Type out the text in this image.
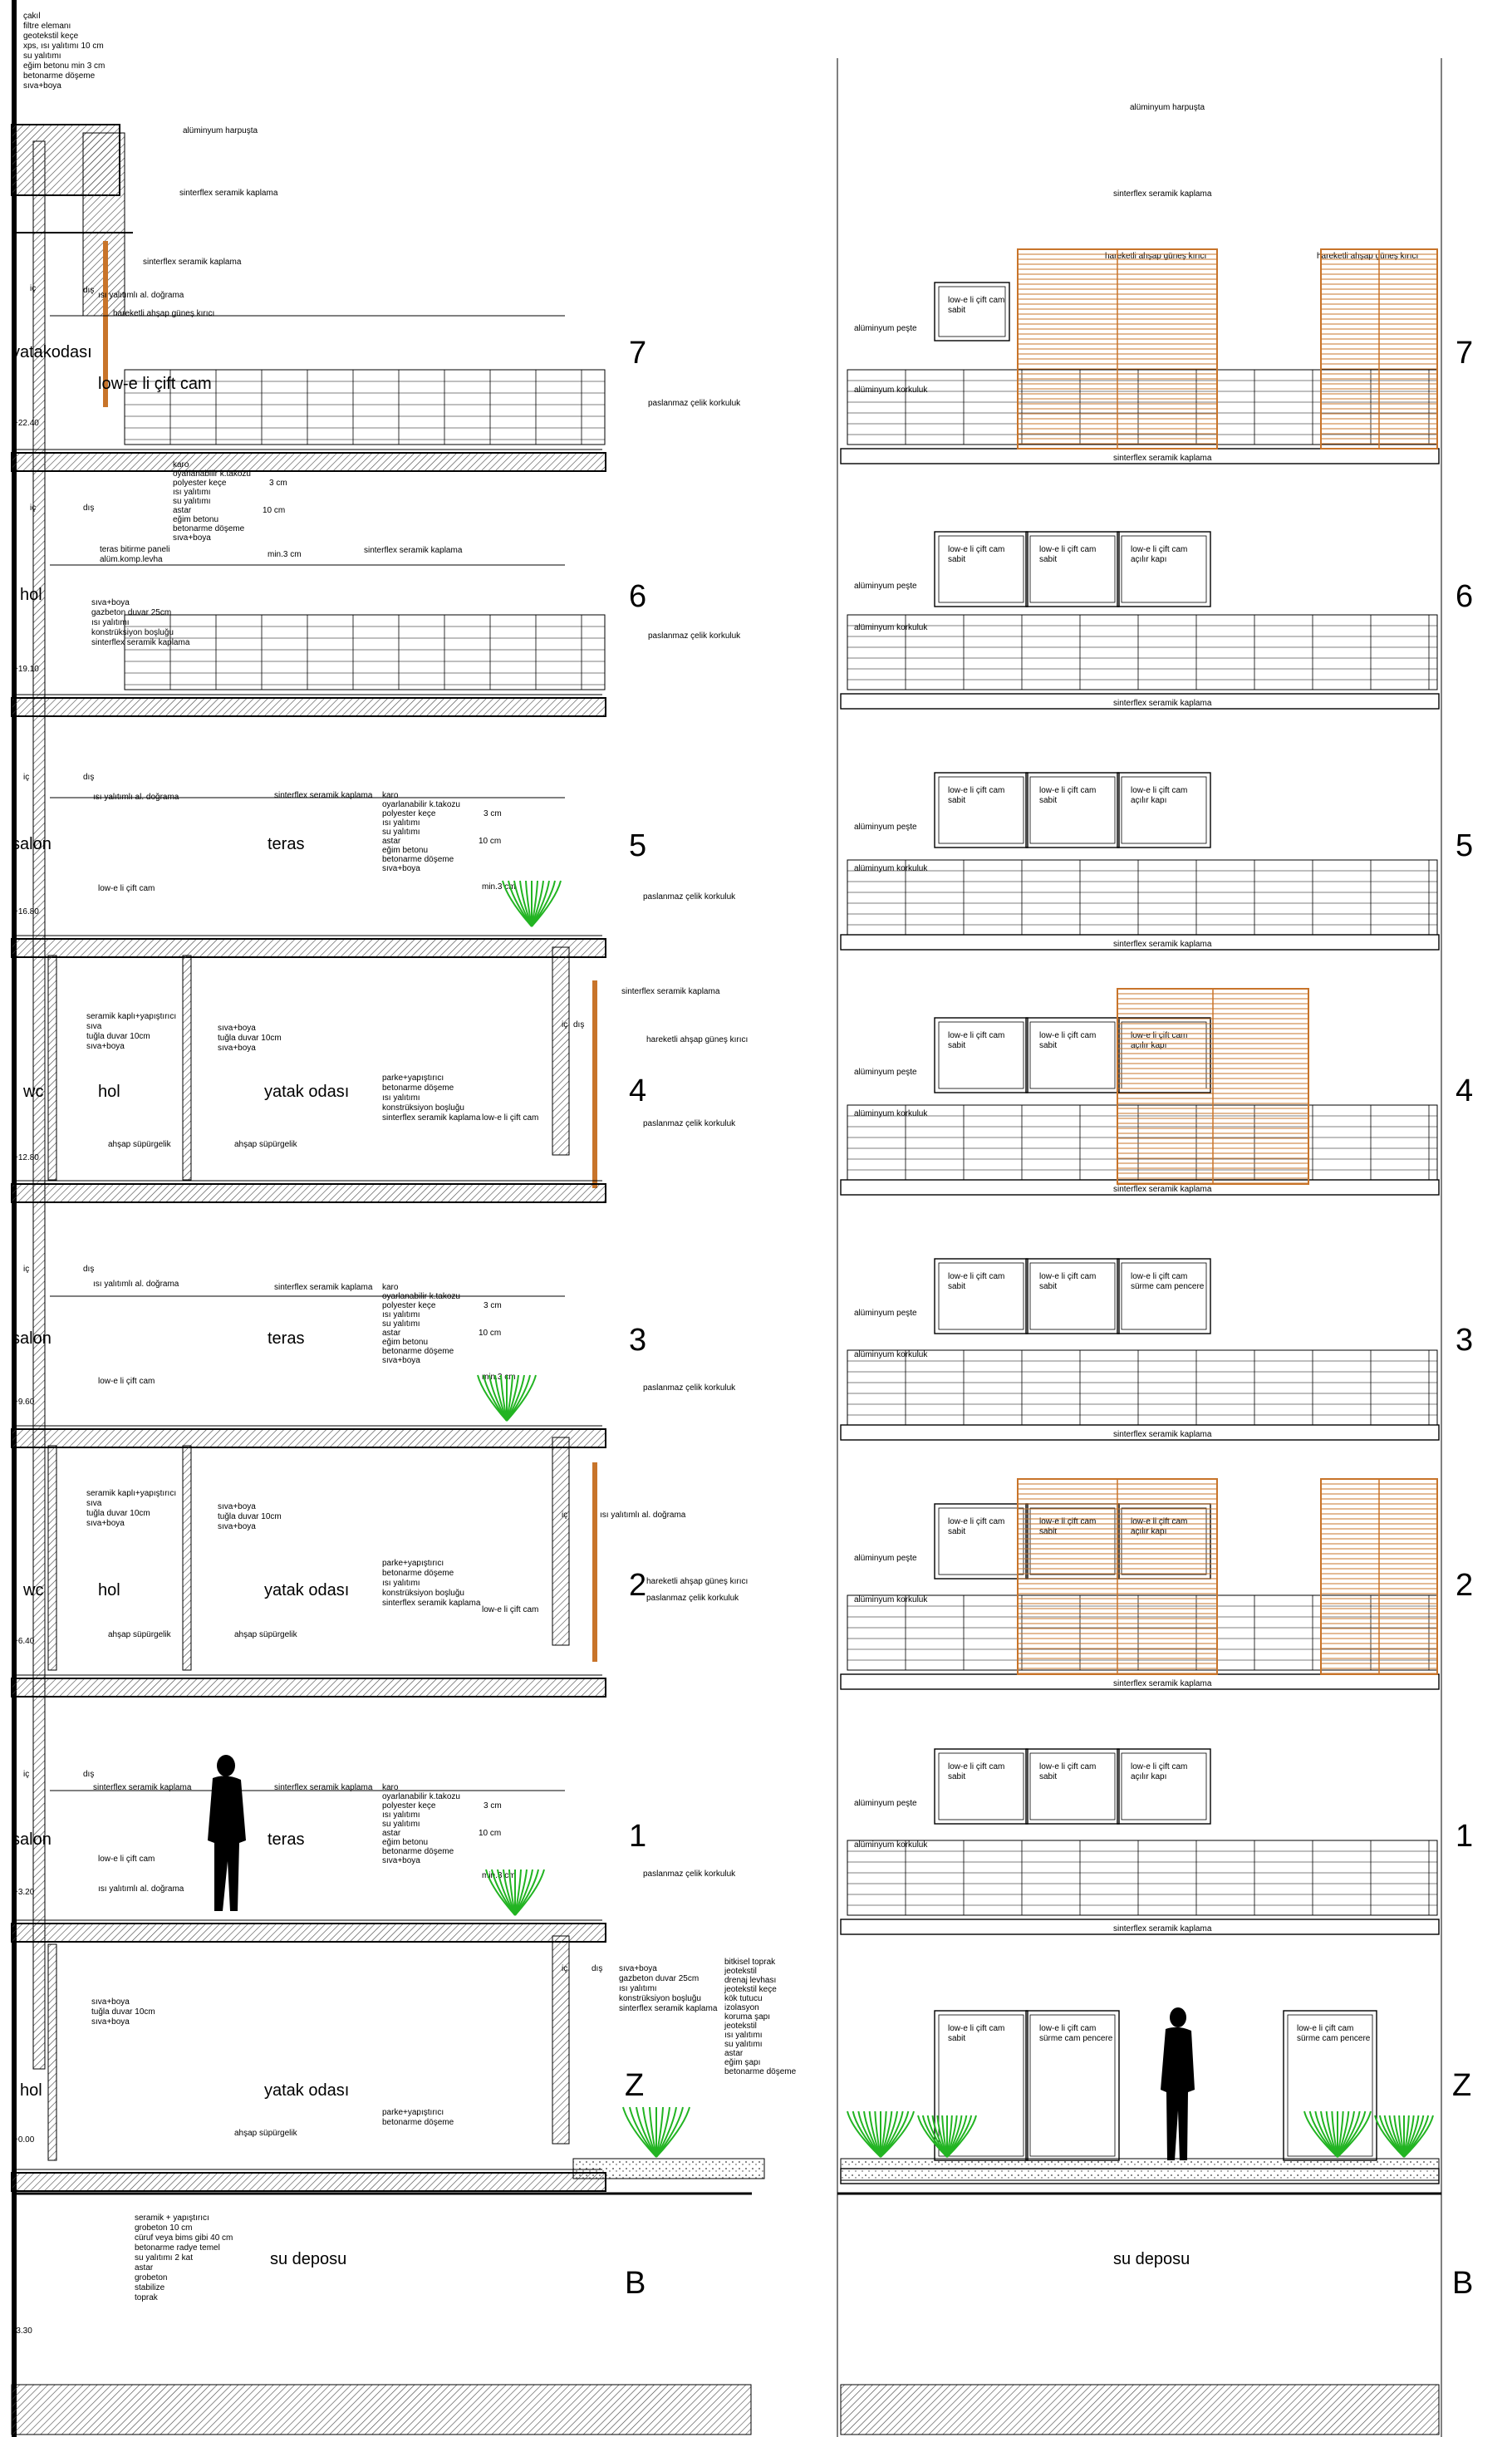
yatakodası
hol
salon	teras
wc	hol	yatak odası
salon	teras
wc	hol	yatak odası
salon	teras
hol	yatak odası
su deposu
7
6
5
4
3
2
1
Z
B
çakıl
filtre elemanı
geotekstil keçe
xps, ısı yalıtımı 10 cm
su yalıtımı
eğim betonu min 3 cm
betonarme döşeme
sıva+boya
alüminyum harpuşta
sinterflex seramik kaplama
sinterflex seramik kaplama
iç	dış
ısı yalıtımlı al. doğrama
hareketli ahşap güneş kırıcı
low-e li çift cam
paslanmaz çelik korkuluk
karo
oyarlanabilir k.takozu
polyester keçe
ısı yalıtımı
su yalıtımı
astar
eğim betonu
betonarme döşeme
sıva+boya
3 cm
10 cm
min.3 cm	sinterflex seramik kaplama
iç	dış
teras bitirme paneli
alüm.komp.levha
sıva+boya
gazbeton duvar 25cm
ısı yalıtımı
konstrüksiyon boşluğu
sinterflex seramik kaplama
paslanmaz çelik korkuluk
iç	dış
ısı yalıtımlı al. doğrama	sinterflex seramik kaplama karo
oyarlanabilir k.takozu
polyester keçe
ısı yalıtımı
su yalıtımı
astar
eğim betonu
betonarme döşeme
sıva+boya
3 cm
10 cm
min.3 cm
low-e li çift cam
paslanmaz çelik korkuluk
seramik kaplı+yapıştırıcı
sıva
tuğla duvar 10cm
sıva+boya
sıva+boya
tuğla duvar 10cm
sıva+boya
sinterflex seramik kaplama
iç dış
hareketli ahşap güneş kırıcı
parke+yapıştırıcı
betonarme döşeme
ısı yalıtımı
konstrüksiyon boşluğu
sinterflex seramik kaplama low-e li çift cam
paslanmaz çelik korkuluk
ahşap süpürgelik	ahşap süpürgelik
iç	dış
ısı yalıtımlı al. doğrama	sinterflex seramik kaplama karo
oyarlanabilir k.takozu
polyester keçe
ısı yalıtımı
su yalıtımı
astar
eğim betonu
betonarme döşeme
sıva+boya
3 cm
10 cm
min.3 cm
low-e li çift cam
paslanmaz çelik korkuluk
seramik kaplı+yapıştırıcı
sıva
tuğla duvar 10cm
sıva+boya
sıva+boya
tuğla duvar 10cm
sıva+boya
iç	ısı yalıtımlı al. doğrama
hareketli ahşap güneş kırıcı
paslanmaz çelik korkuluk
parke+yapıştırıcı
betonarme döşeme
ısı yalıtımı
konstrüksiyon boşluğu
sinterflex seramik kaplama
low-e li çift cam
ahşap süpürgelik	ahşap süpürgelik
iç	dış
sinterflex seramik kaplama	sinterflex seramik kaplama karo
oyarlanabilir k.takozu
polyester keçe
ısı yalıtımı
su yalıtımı
astar
eğim betonu
betonarme döşeme
sıva+boya
3 cm
10 cm
min.3 cm
low-e li çift cam
ısı yalıtımlı al. doğrama
paslanmaz çelik korkuluk
sıva+boya
tuğla duvar 10cm
sıva+boya
iç	dış sıva+boya
gazbeton duvar 25cm
ısı yalıtımı
konstrüksiyon boşluğu
sinterflex seramik kaplama
bitkisel toprak
jeotekstil
drenaj levhası
jeotekstil keçe
kök tutucu
izolasyon
koruma şapı
jeotekstil
ısı yalıtımı
su yalıtımı
astar
eğim şapı
betonarme döşeme
parke+yapıştırıcı
betonarme döşeme
ahşap süpürgelik
seramik + yapıştırıcı
grobeton 10 cm
cüruf veya bims gibi 40 cm
betonarme radye temel
su yalıtımı 2 kat
astar
grobeton
stabilize
toprak
+22.40
+19.10
+16.80
+12.80
+9.60
+6.40
+3.20
+0.00
-3.30
alüminyum harpuşta
sinterflex seramik kaplama
hareketli ahşap güneş kırıcı	hareketli ahşap güneş kırıcı
sinterflex seramik kaplama
sinterflex seramik kaplama
sinterflex seramik kaplama
sinterflex seramik kaplama
sinterflex seramik kaplama
sinterflex seramik kaplama
sinterflex seramik kaplama
low-e li çift cam
sabit
low-e li çift cam
sabit
low-e li çift cam
açılır kapı
alüminyum peşte
alüminyum korkuluk
low-e li çift cam
sabit
low-e li çift cam
sabit
low-e li çift cam
açılır kapı
alüminyum peşte
alüminyum korkuluk
low-e li çift cam
sabit
low-e li çift cam
sabit
low-e li çift cam
açılır kapı
alüminyum peşte
alüminyum korkuluk
low-e li çift cam
sabit
low-e li çift cam
sabit
low-e li çift cam
sürme cam pencere
alüminyum peşte
alüminyum korkuluk
low-e li çift cam
sabit
low-e li çift cam
sabit
low-e li çift cam
açılır kapı
alüminyum peşte
alüminyum korkuluk
low-e li çift cam
sabit
low-e li çift cam
sabit
low-e li çift cam
açılır kapı
alüminyum peşte
alüminyum korkuluk
low-e li çift cam
sabit
alüminyum peşte
alüminyum korkuluk
low-e li çift cam
sabit
low-e li çift cam
sürme cam pencere
low-e li çift cam
sürme cam pencere
7
6
5
4
3
2
1
Z
B
su deposu
